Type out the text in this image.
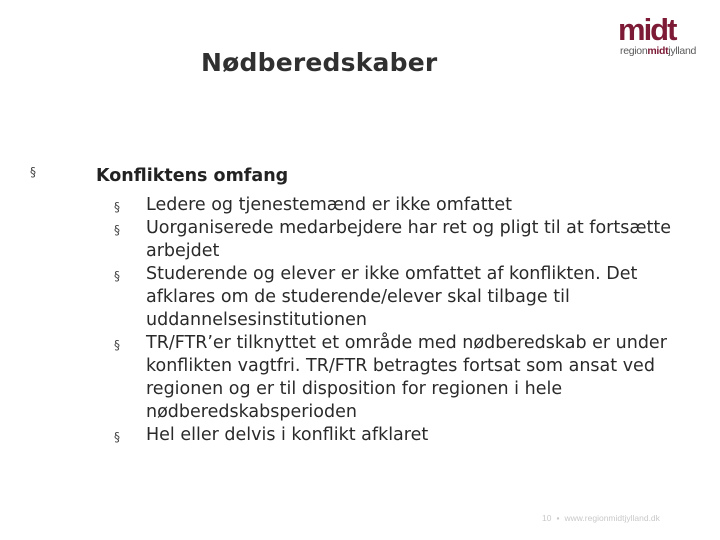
midt
regionmidtjylland
Nødberedskaber
§	Konfliktens omfang
§ Ledere og tjenestemænd er ikke omfattet
§ Uorganiserede medarbejdere har ret og pligt til at fortsætte arbejdet
§ Studerende og elever er ikke omfattet af konflikten. Det afklares om de studerende/elever skal tilbage til uddannelsesinstitutionen
§ TR/FTR’er tilknyttet et område med nødberedskab er under konflikten vagtfri. TR/FTR betragtes fortsat som ansat ved regionen og er til disposition for regionen i hele nødberedskabsperioden
§ Hel eller delvis i konflikt afklaret
10 ▪ www.regionmidtjylland.dk
